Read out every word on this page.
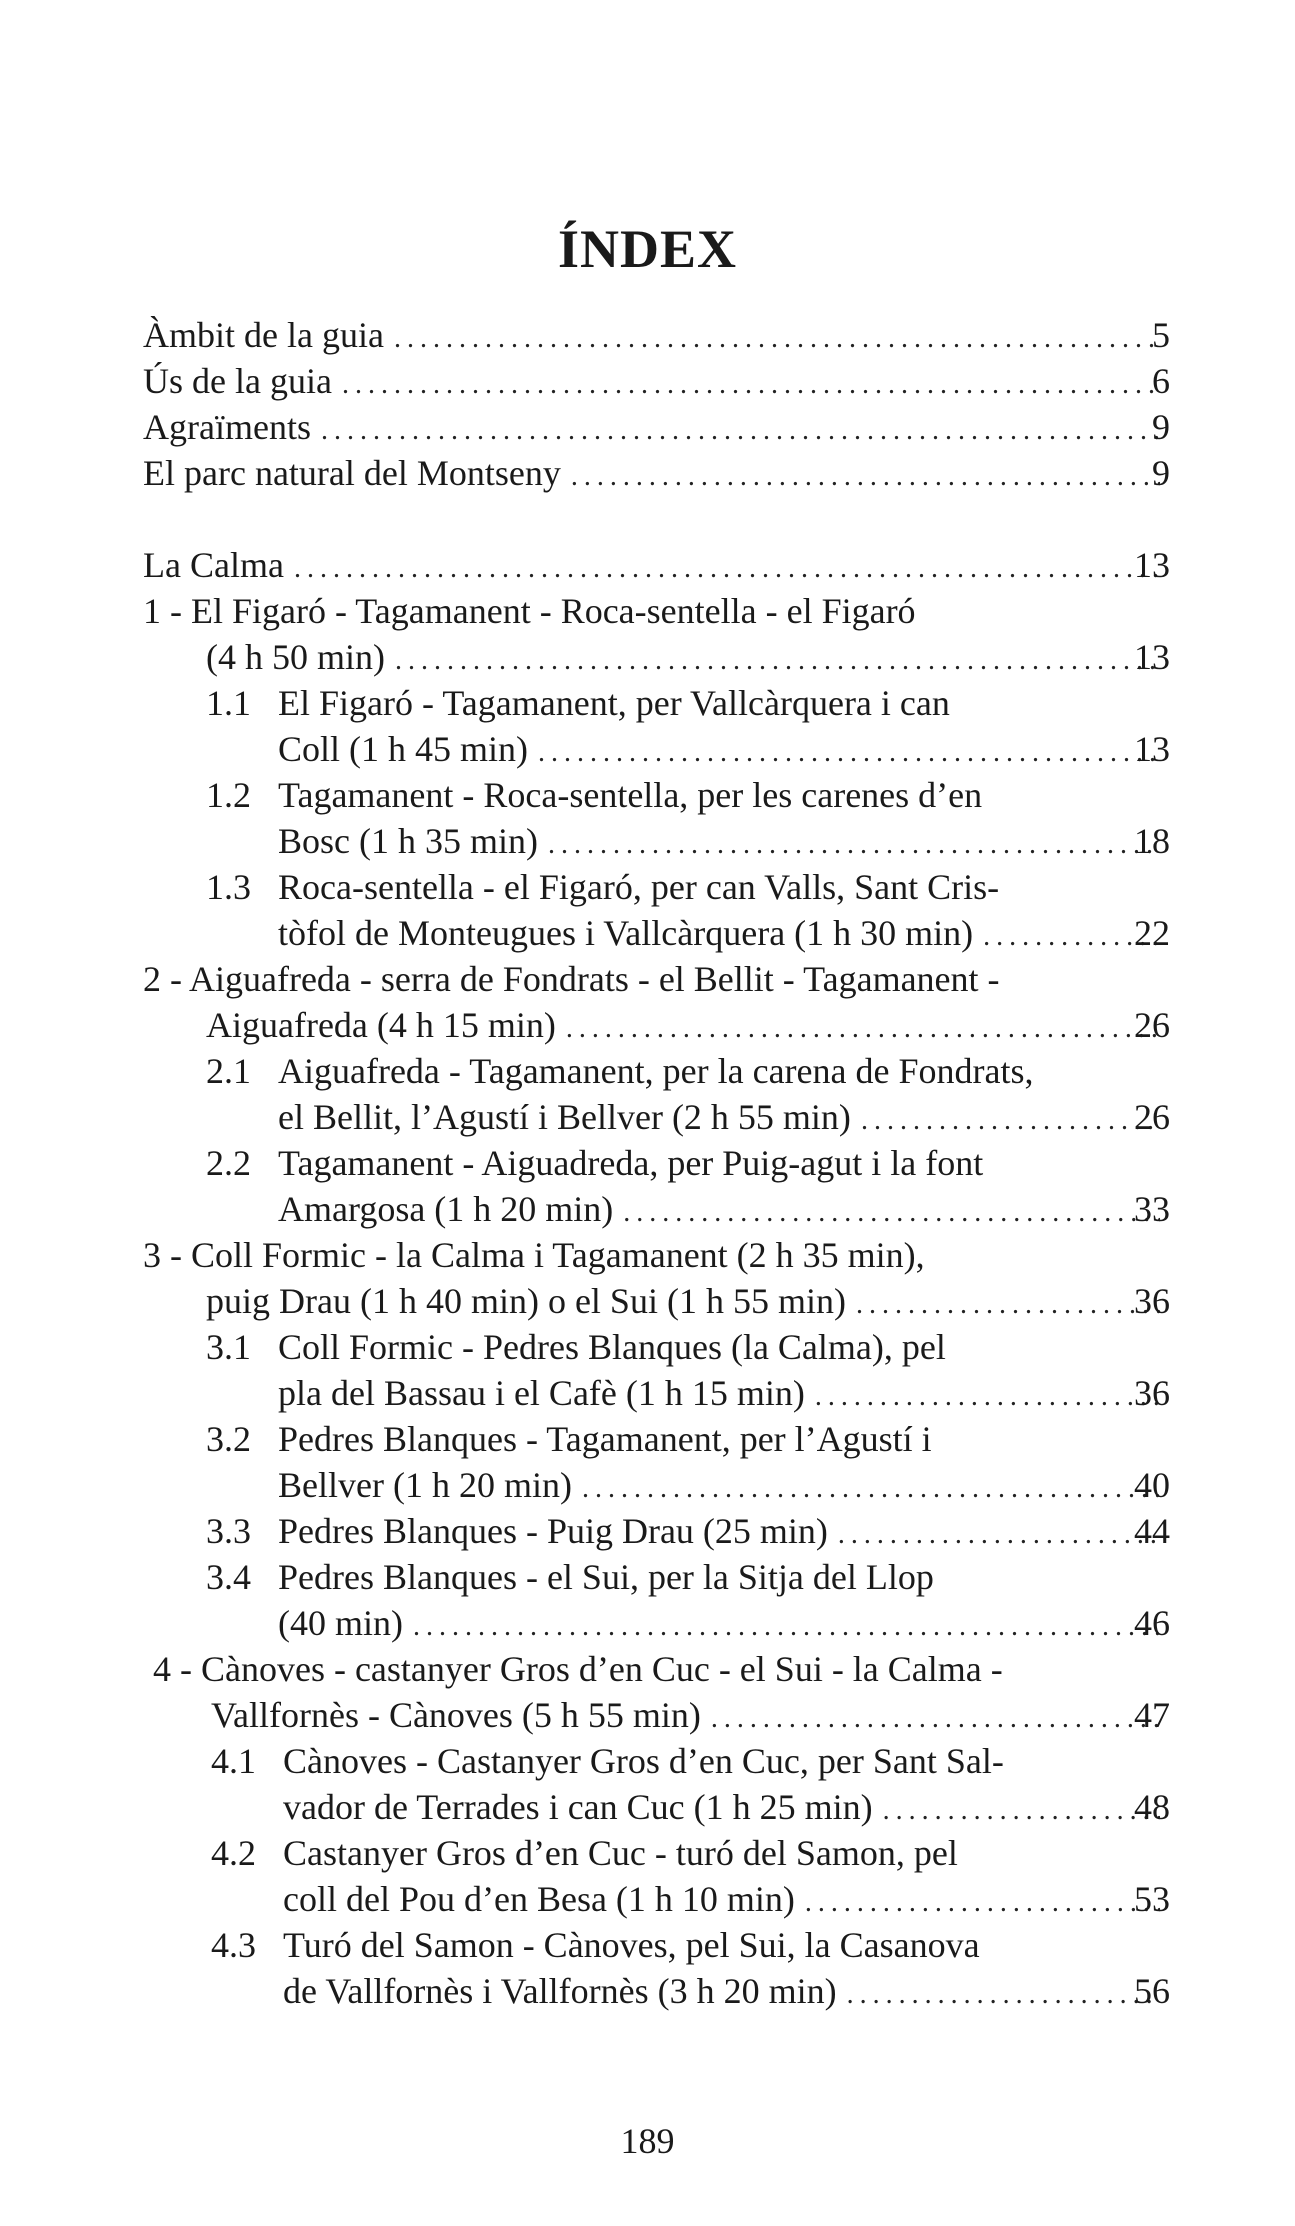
ÍNDEX
Àmbit de la guia .....	5
Ús de la guia .....	6
Agraïments .....	9
El parc natural del Montseny .....	9
La Calma .....	13
1 - El Figaró - Tagamanent - Roca-sentella - el Figaró
(4 h 50 min) .....	13
1.1 El Figaró - Tagamanent, per Vallcàrquera i can
Coll (1 h 45 min) .....	13
1.2 Tagamanent - Roca-sentella, per les carenes d’en
Bosc (1 h 35 min) .....	18
1.3 Roca-sentella - el Figaró, per can Valls, Sant Cris-
tòfol de Monteugues i Vallcàrquera (1 h 30 min) .....	22
2 - Aiguafreda - serra de Fondrats - el Bellit - Tagamanent -
Aiguafreda (4 h 15 min) .....	26
2.1 Aiguafreda - Tagamanent, per la carena de Fondrats,
el Bellit, l’Agustí i Bellver (2 h 55 min) .....	26
2.2 Tagamanent - Aiguadreda, per Puig-agut i la font
Amargosa (1 h 20 min) .....	33
3 - Coll Formic - la Calma i Tagamanent (2 h 35 min),
puig Drau (1 h 40 min) o el Sui (1 h 55 min) .....	36
3.1 Coll Formic - Pedres Blanques (la Calma), pel
pla del Bassau i el Cafè (1 h 15 min) .....	36
3.2 Pedres Blanques - Tagamanent, per l’Agustí i
Bellver (1 h 20 min) .....	40
3.3 Pedres Blanques - Puig Drau (25 min) .....	44
3.4 Pedres Blanques - el Sui, per la Sitja del Llop
(40 min) .....	46
4 - Cànoves - castanyer Gros d’en Cuc - el Sui - la Calma -
Vallfornès - Cànoves (5 h 55 min) .....	47
4.1 Cànoves - Castanyer Gros d’en Cuc, per Sant Sal-
vador de Terrades i can Cuc (1 h 25 min) .....	48
4.2 Castanyer Gros d’en Cuc - turó del Samon, pel
coll del Pou d’en Besa (1 h 10 min) .....	53
4.3 Turó del Samon - Cànoves, pel Sui, la Casanova
de Vallfornès i Vallfornès (3 h 20 min) .....	56
189
